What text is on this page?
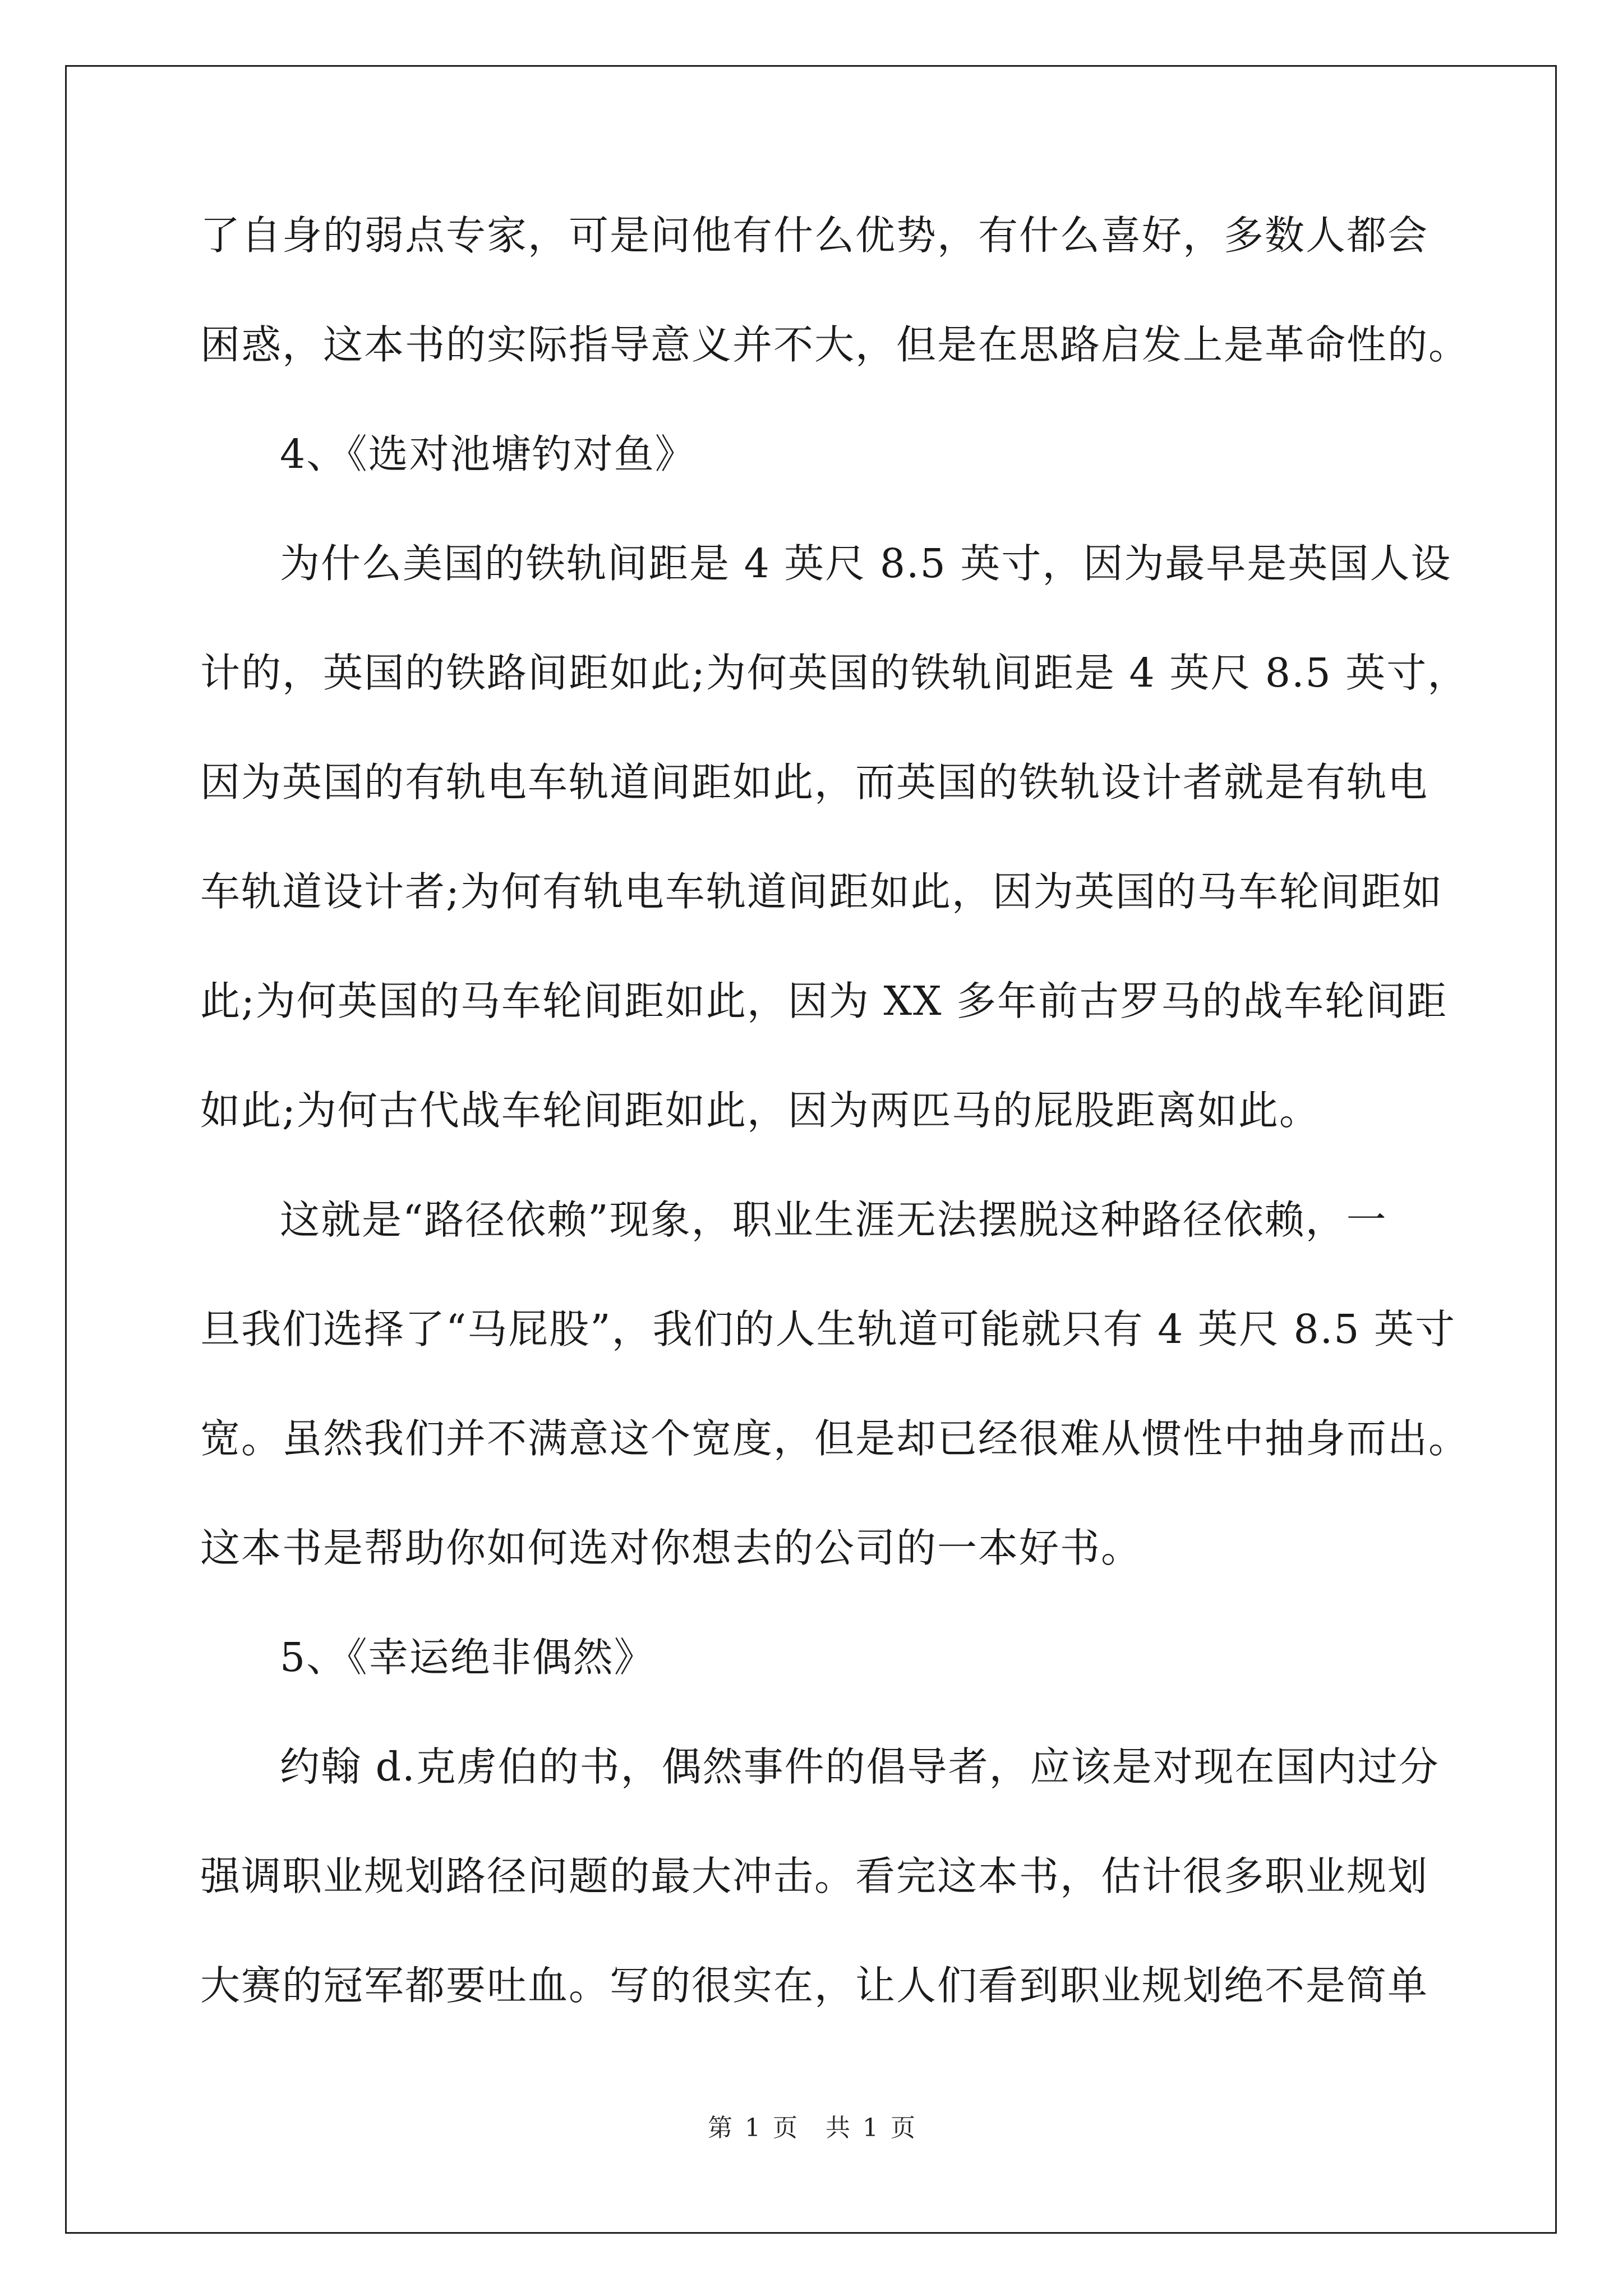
了自身的弱点专家，可是问他有什么优势，有什么喜好，多数人都会
困惑，这本书的实际指导意义并不大，但是在思路启发上是革命性的。
4、《选对池塘钓对鱼》
为什么美国的铁轨间距是 4 英尺 8.5 英寸，因为最早是英国人设
计的，英国的铁路间距如此;为何英国的铁轨间距是 4 英尺 8.5 英寸，
因为英国的有轨电车轨道间距如此，而英国的铁轨设计者就是有轨电
车轨道设计者;为何有轨电车轨道间距如此，因为英国的马车轮间距如
此;为何英国的马车轮间距如此，因为 XX 多年前古罗马的战车轮间距
如此;为何古代战车轮间距如此，因为两匹马的屁股距离如此。
这就是“路径依赖”现象，职业生涯无法摆脱这种路径依赖，一
旦我们选择了“马屁股”，我们的人生轨道可能就只有 4 英尺 8.5 英寸
宽。虽然我们并不满意这个宽度，但是却已经很难从惯性中抽身而出。
这本书是帮助你如何选对你想去的公司的一本好书。
5、《幸运绝非偶然》
约翰 d.克虏伯的书，偶然事件的倡导者，应该是对现在国内过分
强调职业规划路径问题的最大冲击。看完这本书，估计很多职业规划
大赛的冠军都要吐血。写的很实在，让人们看到职业规划绝不是简单
第 1 页 共 1 页
